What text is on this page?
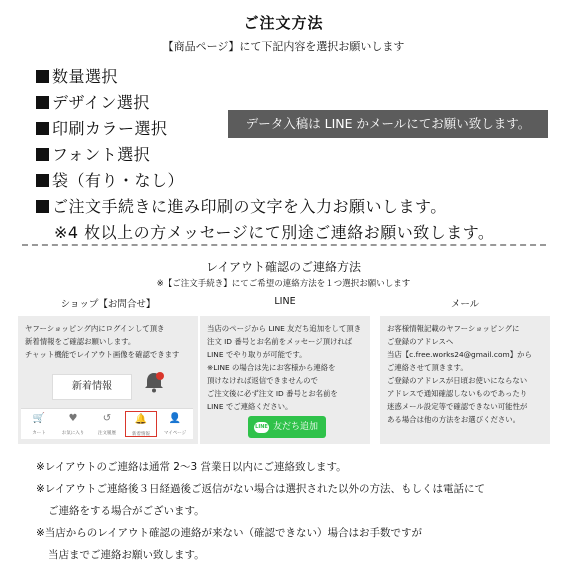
ご注文方法
【商品ページ】にて下記内容を選択お願いします
数量選択
デザイン選択
印刷カラー選択
フォント選択
袋（有り・なし）
ご注文手続きに進み印刷の文字を入力お願いします。
※4 枚以上の方メッセージにて別途ご連絡お願い致します。
データ入稿は LINE かメールにてお願い致します。
レイアウト確認のご連絡方法
※【ご注文手続き】にてご希望の連絡方法を１つ選択お願いします
ショップ【お問合せ】	LINE	メール
ヤフーショッピング内にログインして頂き
新着情報をご確認お願いします。
チャット機能でレイアウト画像を確認できます
新着情報
🛒
カート
♥
お気に入り
↺
注文履歴
🔔
新着情報
👤
マイページ
当店のページから LINE 友だち追加をして頂き
注文 ID 番号とお名前をメッセージ頂ければ
LINE でやり取りが可能です。
※LINE の場合は先にお客様から連絡を
頂けなければ返信できませんので
ご注文後に必ず注文 ID 番号とお名前を
LINE でご連絡ください。
LINE 友だち追加
お客様情報記載のヤフーショッピングに
ご登録のアドレスへ
当店【c.free.works24@gmail.com】から
ご連絡させて頂きます。
ご登録のアドレスが日頃お使いにならない
アドレスで通知確認しないものであったり
迷惑メール設定等で確認できない可能性が
ある場合は他の方法をお選びください。
※レイアウトのご連絡は通常 2～3 営業日以内にご連絡致します。
※レイアウトご連絡後３日経過後ご返信がない場合は選択された以外の方法、もしくは電話にて
ご連絡をする場合がございます。
※当店からのレイアウト確認の連絡が来ない（確認できない）場合はお手数ですが
当店までご連絡お願い致します。
